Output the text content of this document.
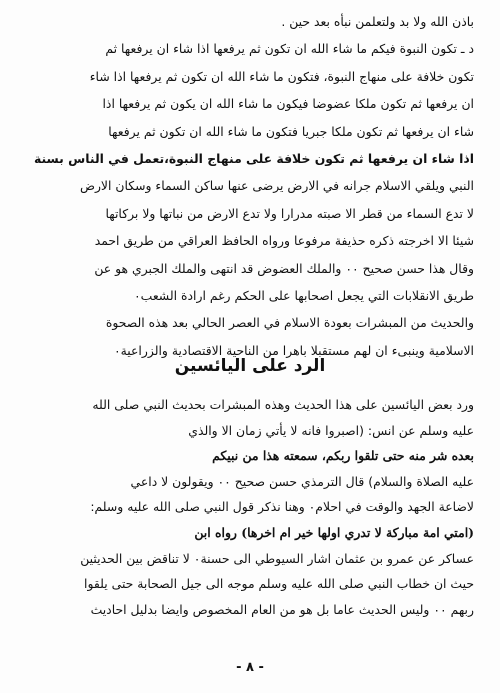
باذن الله ولا بد ولتعلمن نبأه بعد حين .
د ـ تكون النبوة فيكم ما شاء الله ان تكون ثم يرفعها اذا شاء ان يرفعها ثم
تكون خلافة على منهاج النبوة، فتكون ما شاء الله ان تكون ثم يرفعها اذا شاء
ان يرفعها ثم تكون ملكا عضوضا فيكون ما شاء الله ان يكون ثم يرفعها اذا
شاء ان يرفعها ثم تكون ملكا جبريا فتكون ما شاء الله ان تكون ثم يرفعها
اذا شاء ان يرفعها ثم تكون خلافة على منهاج النبوة،تعمل في الناس بسنة
النبي ويلقي الاسلام جرانه في الارض يرضى عنها ساكن السماء وسكان الارض
لا تدع السماء من قطر الا صبته مدرارا ولا تدع الارض من نباتها ولا بركاتها
شيئا الا اخرجته ذكره حذيفة مرفوعا ورواه الحافظ العراقي من طريق احمد
وقال هذا حسن صحيح ٠٠ والملك العضوض قد انتهى والملك الجبري هو عن
طريق الانقلابات التي يجعل اصحابها على الحكم رغم ارادة الشعب٠
والحديث من المبشرات بعودة الاسلام في العصر الحالي بعد هذه الصحوة
الاسلامية وينبىء ان لهم مستقبلا باهرا من الناحية الاقتصادية والزراعية٠
الرد على اليائسين
ورد بعض اليائسين على هذا الحديث وهذه المبشرات بحديث النبي صلى الله
عليه وسلم عن انس: (اصبروا فانه لا يأتي زمان الا والذي
بعده شر منه حتى تلقوا ربكم، سمعته هذا من نبيكم
عليه الصلاة والسلام) قال الترمذي حسن صحيح ٠٠ ويقولون لا داعي
لاضاعة الجهد والوقت في احلام٠ وهنا نذكر قول النبي صلى الله عليه وسلم:
(امتي امة مباركة لا تدري اولها خير ام اخرها) رواه ابن
عساكر عن عمرو بن عثمان اشار السيوطي الى حسنة٠ لا تناقض بين الحديثين
حيث ان خطاب النبي صلى الله عليه وسلم موجه الى جيل الصحابة حتى يلقوا
ربهم ٠٠ وليس الحديث عاما بل هو من العام المخصوص وايضا بدليل احاديث
- ٨ -
